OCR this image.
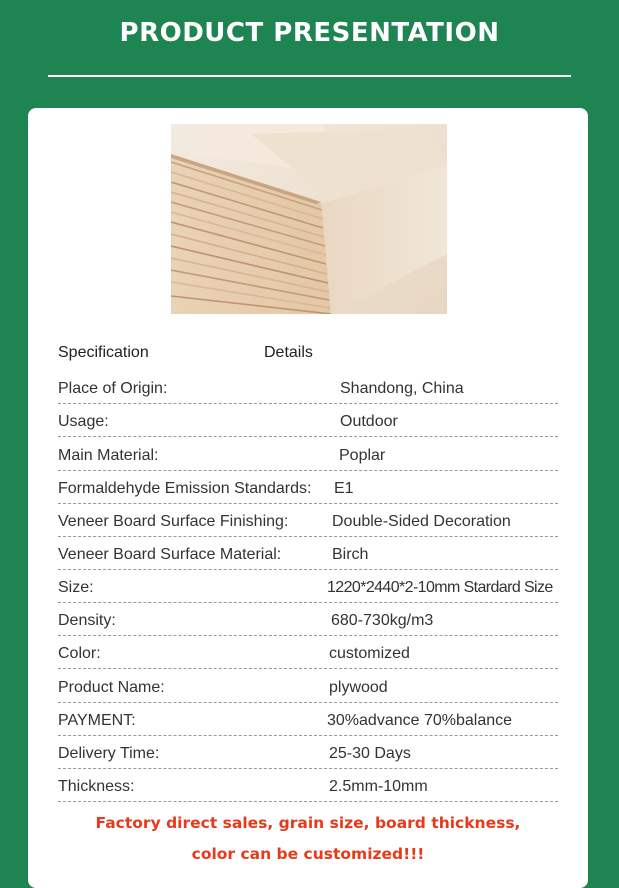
PRODUCT PRESENTATION
Specification	Details
Place of Origin:	Shandong, China
Usage:	Outdoor
Main Material:	Poplar
Formaldehyde Emission Standards: E1
Veneer Board Surface Finishing:	Double-Sided Decoration
Veneer Board Surface Material:	Birch
Size:	1220*2440*2-10mm Stardard Size
Density:	680-730kg/m3
Color:	customized
Product Name:	plywood
PAYMENT:	30%advance 70%balance
Delivery Time:	25-30 Days
Thickness:	2.5mm-10mm
Factory direct sales, grain size, board thickness,
color can be customized!!!
